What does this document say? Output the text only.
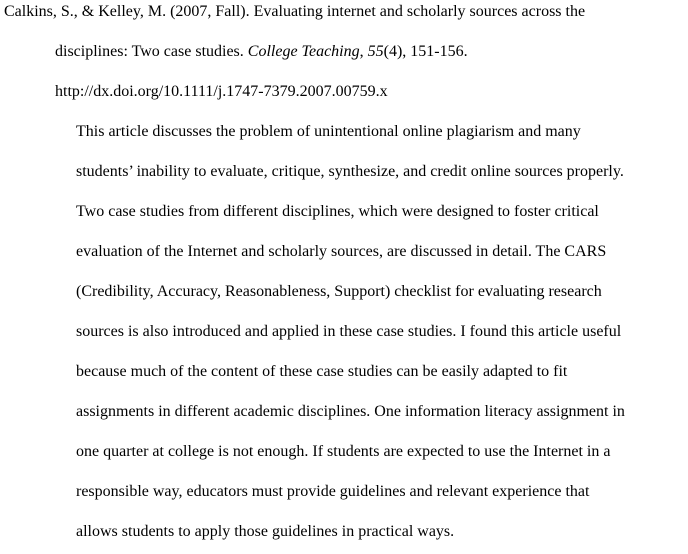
Calkins, S., & Kelley, M. (2007, Fall). Evaluating internet and scholarly sources across the

disciplines: Two case studies. College Teaching, 55(4), 151-156.

http://dx.doi.org/10.1111/j.1747-7379.2007.00759.x

This article discusses the problem of unintentional online plagiarism and many

students’ inability to evaluate, critique, synthesize, and credit online sources properly.

Two case studies from different disciplines, which were designed to foster critical

evaluation of the Internet and scholarly sources, are discussed in detail. The CARS

(Credibility, Accuracy, Reasonableness, Support) checklist for evaluating research

sources is also introduced and applied in these case studies. I found this article useful

because much of the content of these case studies can be easily adapted to fit

assignments in different academic disciplines. One information literacy assignment in

one quarter at college is not enough. If students are expected to use the Internet in a

responsible way, educators must provide guidelines and relevant experience that

allows students to apply those guidelines in practical ways.
